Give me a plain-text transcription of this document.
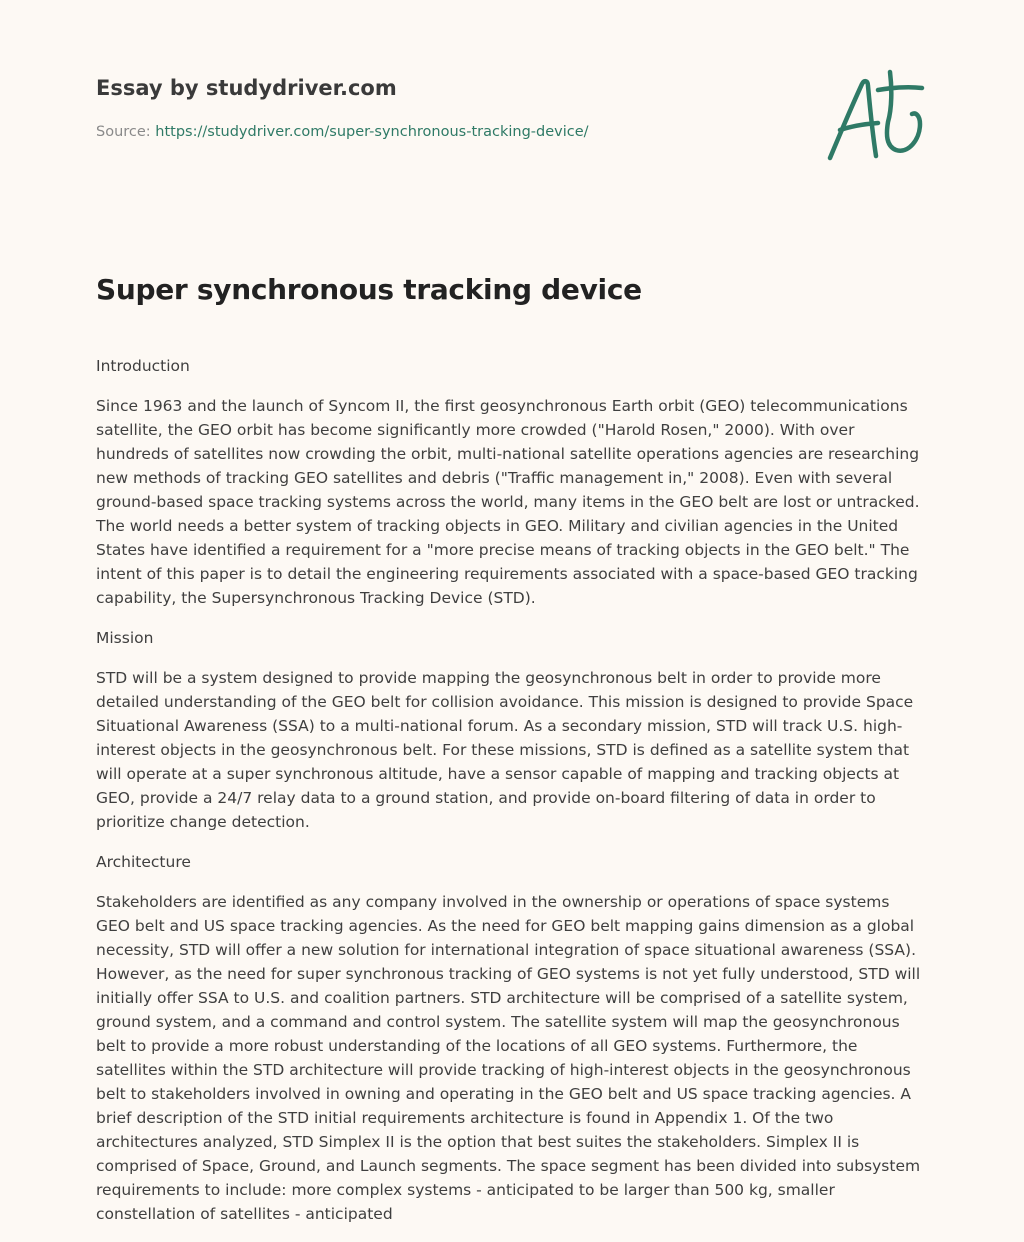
Essay by studydriver.com
Source: https://studydriver.com/super-synchronous-tracking-device/
Super synchronous tracking device

Introduction

Since 1963 and the launch of Syncom II, the first geosynchronous Earth orbit (GEO) telecommunications satellite, the GEO orbit has become significantly more crowded ("Harold Rosen," 2000). With over hundreds of satellites now crowding the orbit, multi-national satellite operations agencies are researching new methods of tracking GEO satellites and debris ("Traffic management in," 2008). Even with several ground-based space tracking systems across the world, many items in the GEO belt are lost or untracked. The world needs a better system of tracking objects in GEO. Military and civilian agencies in the United States have identified a requirement for a "more precise means of tracking objects in the GEO belt." The intent of this paper is to detail the engineering requirements associated with a space-based GEO tracking capability, the Supersynchronous Tracking Device (STD).

Mission

STD will be a system designed to provide mapping the geosynchronous belt in order to provide more detailed understanding of the GEO belt for collision avoidance. This mission is designed to provide Space Situational Awareness (SSA) to a multi-national forum. As a secondary mission, STD will track U.S. high-interest objects in the geosynchronous belt. For these missions, STD is defined as a satellite system that will operate at a super synchronous altitude, have a sensor capable of mapping and tracking objects at GEO, provide a 24/7 relay data to a ground station, and provide on-board filtering of data in order to prioritize change detection.

Architecture

Stakeholders are identified as any company involved in the ownership or operations of space systems GEO belt and US space tracking agencies. As the need for GEO belt mapping gains dimension as a global necessity, STD will offer a new solution for international integration of space situational awareness (SSA). However, as the need for super synchronous tracking of GEO systems is not yet fully understood, STD will initially offer SSA to U.S. and coalition partners. STD architecture will be comprised of a satellite system, ground system, and a command and control system. The satellite system will map the geosynchronous belt to provide a more robust understanding of the locations of all GEO systems. Furthermore, the satellites within the STD architecture will provide tracking of high-interest objects in the geosynchronous belt to stakeholders involved in owning and operating in the GEO belt and US space tracking agencies. A brief description of the STD initial requirements architecture is found in Appendix 1. Of the two architectures analyzed, STD Simplex II is the option that best suites the stakeholders. Simplex II is comprised of Space, Ground, and Launch segments. The space segment has been divided into subsystem requirements to include: more complex systems - anticipated to be larger than 500 kg, smaller constellation of satellites - anticipated
